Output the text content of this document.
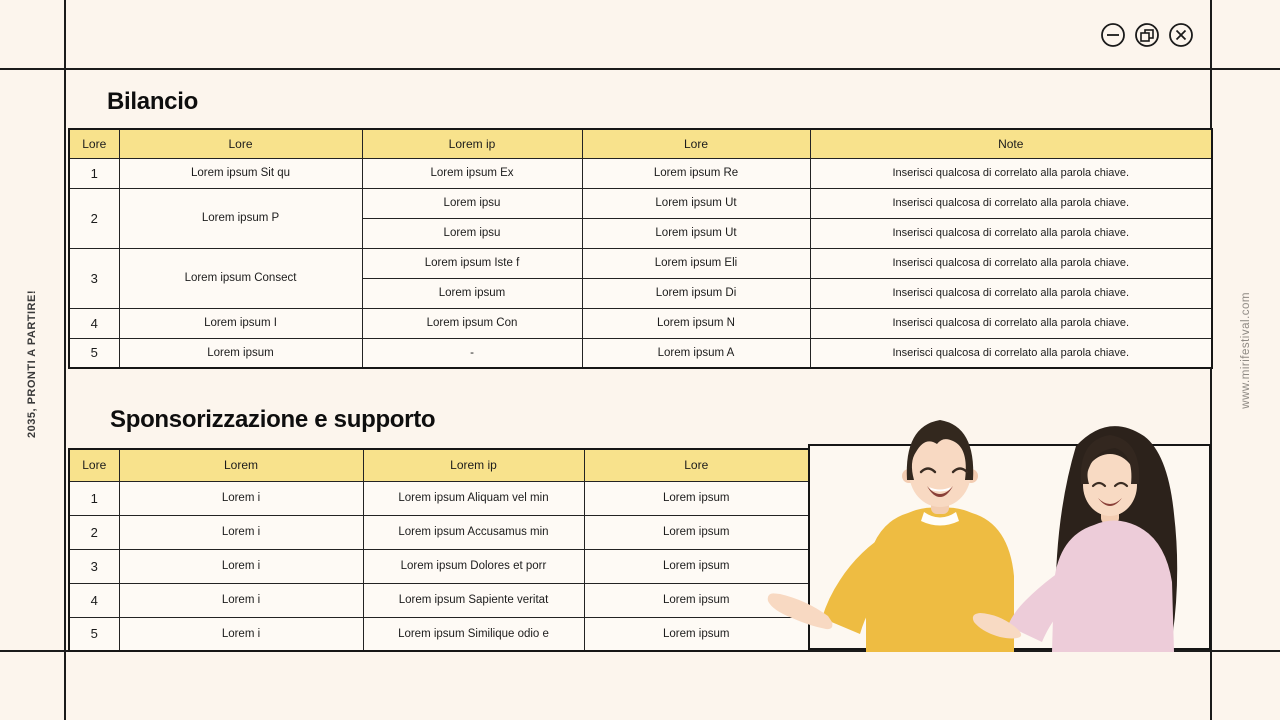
2035, PRONTI A PARTIRE!	www.mirifestival.com
Bilancio
Lore	Lore	Lorem ip	Lore	Note
1	Lorem ipsum Sit qu	Lorem ipsum Ex	Lorem ipsum Re	Inserisci qualcosa di correlato alla parola chiave.
2	Lorem ipsum P	Lorem ipsu	Lorem ipsum Ut	Inserisci qualcosa di correlato alla parola chiave.
		Lorem ipsu	Lorem ipsum Ut	Inserisci qualcosa di correlato alla parola chiave.
3	Lorem ipsum Consect	Lorem ipsum Iste f	Lorem ipsum Eli	Inserisci qualcosa di correlato alla parola chiave.
		Lorem ipsum	Lorem ipsum Di	Inserisci qualcosa di correlato alla parola chiave.
4	Lorem ipsum I	Lorem ipsum Con	Lorem ipsum N	Inserisci qualcosa di correlato alla parola chiave.
5	Lorem ipsum	-	Lorem ipsum A	Inserisci qualcosa di correlato alla parola chiave.
Sponsorizzazione e supporto
Lore	Lorem	Lorem ip	Lore
1	Lorem i	Lorem ipsum Aliquam vel min	Lorem ipsum
2	Lorem i	Lorem ipsum Accusamus min	Lorem ipsum
3	Lorem i	Lorem ipsum Dolores et porr	Lorem ipsum
4	Lorem i	Lorem ipsum Sapiente veritat	Lorem ipsum
5	Lorem i	Lorem ipsum Similique odio e	Lorem ipsum
